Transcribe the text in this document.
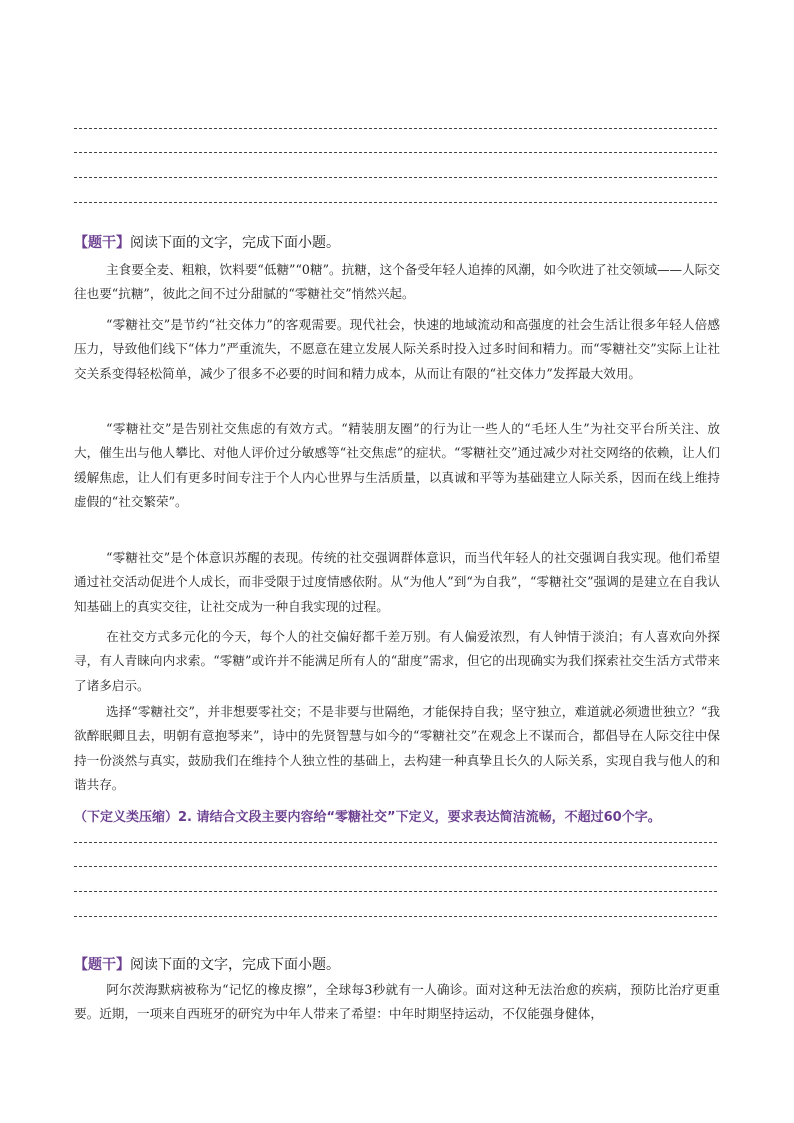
【题干】阅读下面的文字，完成下面小题。

主食要全麦、粗粮，饮料要“低糖”“0糖”。抗糖，这个备受年轻人追捧的风潮，如今吹进了社交领域——人际交往也要“抗糖”，彼此之间不过分甜腻的“零糖社交”悄然兴起。

“零糖社交”是节约“社交体力”的客观需要。现代社会，快速的地域流动和高强度的社会生活让很多年轻人倍感压力，导致他们线下“体力”严重流失，不愿意在建立发展人际关系时投入过多时间和精力。而“零糖社交”实际上让社交关系变得轻松简单，减少了很多不必要的时间和精力成本，从而让有限的“社交体力”发挥最大效用。

“零糖社交”是告别社交焦虑的有效方式。“精装朋友圈”的行为让一些人的“毛坯人生”为社交平台所关注、放大，催生出与他人攀比、对他人评价过分敏感等“社交焦虑”的症状。“零糖社交”通过减少对社交网络的依赖，让人们缓解焦虑，让人们有更多时间专注于个人内心世界与生活质量，以真诚和平等为基础建立人际关系，因而在线上维持虚假的“社交繁荣”。

“零糖社交”是个体意识苏醒的表现。传统的社交强调群体意识，而当代年轻人的社交强调自我实现。他们希望通过社交活动促进个人成长，而非受限于过度情感依附。从“为他人”到“为自我”，“零糖社交”强调的是建立在自我认知基础上的真实交往，让社交成为一种自我实现的过程。

在社交方式多元化的今天，每个人的社交偏好都千差万别。有人偏爱浓烈，有人钟情于淡泊；有人喜欢向外探寻，有人青睐向内求索。“零糖”或许并不能满足所有人的“甜度”需求，但它的出现确实为我们探索社交生活方式带来了诸多启示。

选择“零糖社交”，并非想要零社交；不是非要与世隔绝，才能保持自我；坚守独立，难道就必须遗世独立？“我欲醉眠卿且去，明朝有意抱琴来”，诗中的先贤智慧与如今的“零糖社交”在观念上不谋而合，都倡导在人际交往中保持一份淡然与真实，鼓励我们在维持个人独立性的基础上，去构建一种真挚且长久的人际关系，实现自我与他人的和谐共存。

（下定义类压缩）2. 请结合文段主要内容给“零糖社交”下定义，要求表达简洁流畅，不超过60个字。

【题干】阅读下面的文字，完成下面小题。

阿尔茨海默病被称为“记忆的橡皮擦”，全球每3秒就有一人确诊。面对这种无法治愈的疾病，预防比治疗更重要。近期，一项来自西班牙的研究为中年人带来了希望：中年时期坚持运动，不仅能强身健体，
